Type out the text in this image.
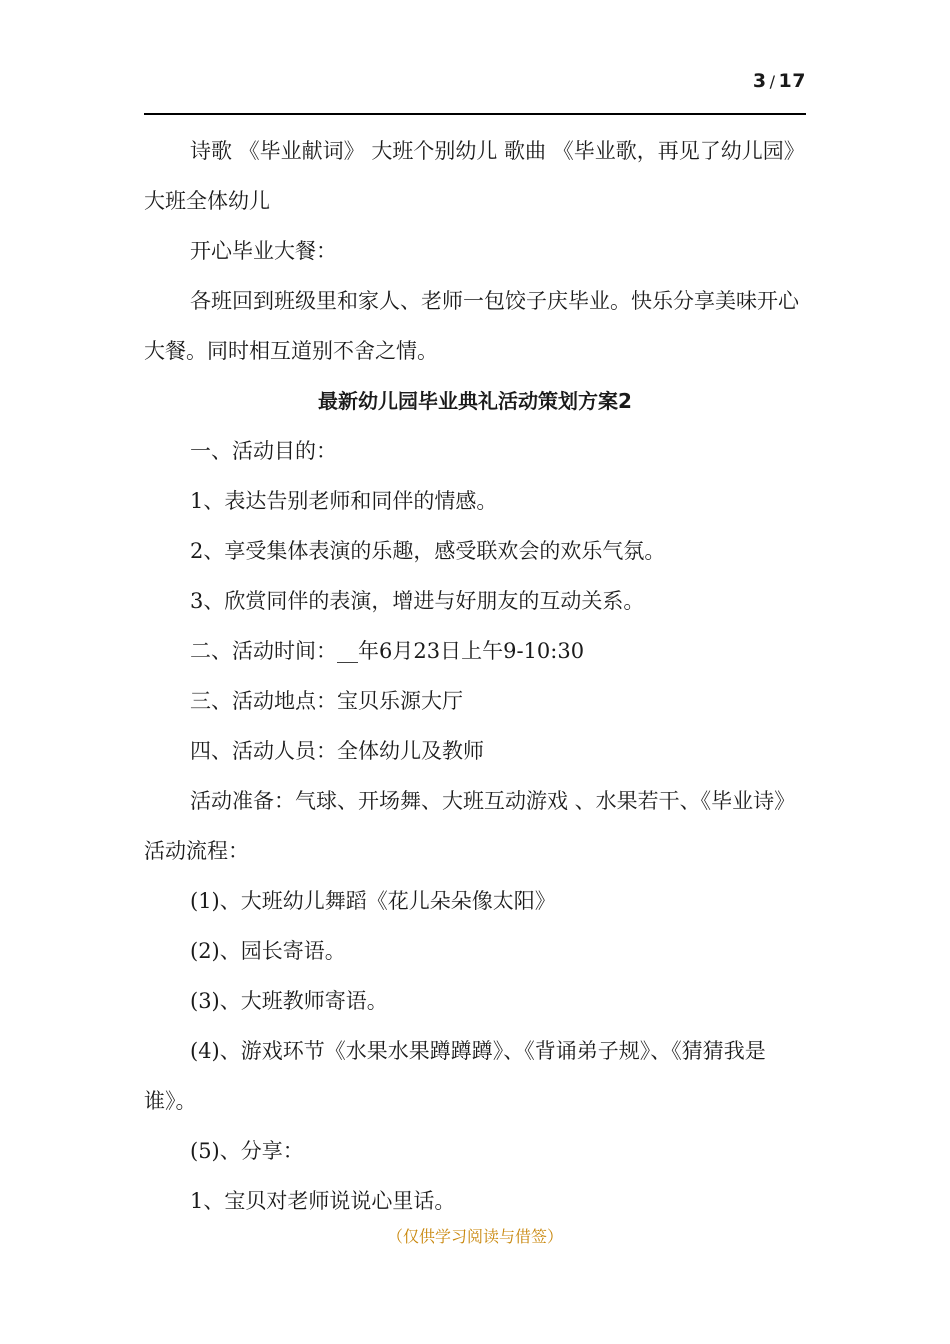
3 / 17

诗歌 《毕业献词》 大班个别幼儿 歌曲 《毕业歌，再见了幼儿园》 大班全体幼儿

开心毕业大餐：

各班回到班级里和家人、老师一包饺子庆毕业。快乐分享美味开心大餐。同时相互道别不舍之情。

最新幼儿园毕业典礼活动策划方案2

一、活动目的：

1、表达告别老师和同伴的情感。

2、享受集体表演的乐趣，感受联欢会的欢乐气氛。

3、欣赏同伴的表演，增进与好朋友的互动关系。

二、活动时间：__年6月23日上午9-10:30

三、活动地点：宝贝乐源大厅

四、活动人员：全体幼儿及教师

活动准备：气球、开场舞、大班互动游戏 、水果若干、《毕业诗》 活动流程：

(1)、大班幼儿舞蹈《花儿朵朵像太阳》

(2)、园长寄语。

(3)、大班教师寄语。

(4)、游戏环节《水果水果蹲蹲蹲》、《背诵弟子规》、《猜猜我是谁》。

(5)、分享：

1、宝贝对老师说说心里话。

（仅供学习阅读与借签）
